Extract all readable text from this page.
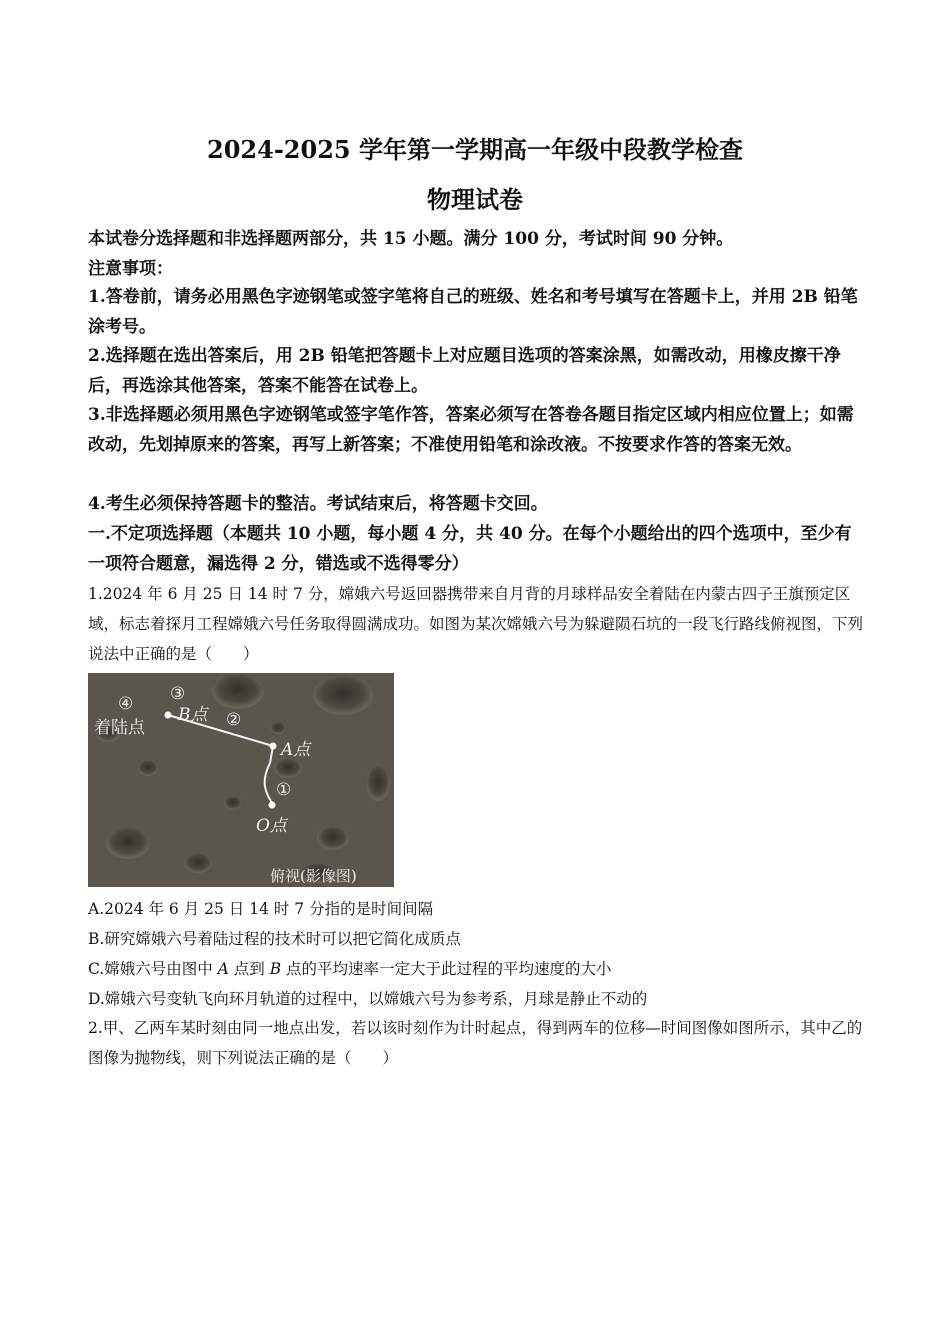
2024-2025 学年第一学期高一年级中段教学检查
物理试卷
本试卷分选择题和非选择题两部分，共 15 小题。满分 100 分，考试时间 90 分钟。
注意事项：
1.答卷前，请务必用黑色字迹钢笔或签字笔将自己的班级、姓名和考号填写在答题卡上，并用 2B 铅笔涂考号。
2.选择题在选出答案后，用 2B 铅笔把答题卡上对应题目选项的答案涂黑，如需改动，用橡皮擦干净后，再选涂其他答案，答案不能答在试卷上。
3.非选择题必须用黑色字迹钢笔或签字笔作答，答案必须写在答卷各题目指定区域内相应位置上；如需改动，先划掉原来的答案，再写上新答案；不准使用铅笔和涂改液。不按要求作答的答案无效。
4.考生必须保持答题卡的整洁。考试结束后，将答题卡交回。
一.不定项选择题（本题共 10 小题，每小题 4 分，共 40 分。在每个小题给出的四个选项中，至少有一项符合题意，漏选得 2 分，错选或不选得零分）
1.2024 年 6 月 25 日 14 时 7 分，嫦娥六号返回器携带来自月背的月球样品安全着陆在内蒙古四子王旗预定区域，标志着探月工程嫦娥六号任务取得圆满成功。如图为某次嫦娥六号为躲避陨石坑的一段飞行路线俯视图，下列说法中正确的是（　　）
④
着陆点
③
B点 ②
A点
①
O点
俯视(影像图)
A.2024 年 6 月 25 日 14 时 7 分指的是时间间隔
B.研究嫦娥六号着陆过程的技术时可以把它简化成质点
C.嫦娥六号由图中 A 点到 B 点的平均速率一定大于此过程的平均速度的大小
D.嫦娥六号变轨飞向环月轨道的过程中，以嫦娥六号为参考系，月球是静止不动的
2.甲、乙两车某时刻由同一地点出发，若以该时刻作为计时起点，得到两车的位移—时间图像如图所示，其中乙的图像为抛物线，则下列说法正确的是（　　）
